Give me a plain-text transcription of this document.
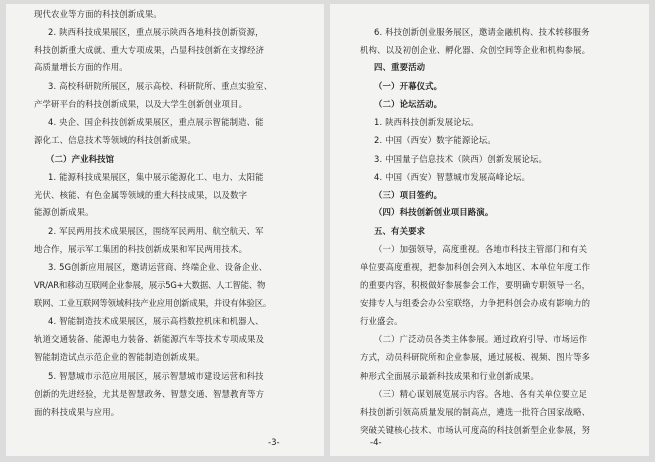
现代农业等方面的科技创新成果。
2. 陕西科技成果展区，重点展示陕西各地科技创新资源，
科技创新重大成就、重大专项成果，凸显科技创新在支撑经济
高质量增长方面的作用。
3. 高校科研院所展区，展示高校、科研院所、重点实验室、
产学研平台的科技创新成果，以及大学生创新创业项目。
4. 央企、国企科技创新成果展区，重点展示智能制造、能
源化工、信息技术等领域的科技创新成果。
（二）产业科技馆
1. 能源科技成果展区，集中展示能源化工、电力、太阳能
光伏、核能、有色金属等领域的重大科技成果，以及数字
能源创新成果。
2. 军民两用技术成果展区，围绕军民两用、航空航天、军
地合作，展示军工集团的科技创新成果和军民两用技术。
3. 5G创新应用展区，邀请运营商、终端企业、设备企业、
VR/AR和移动互联网企业参展，展示5G+大数据、人工智能、物
联网、工业互联网等领域科技产业应用创新成果，并设有体验区。
4. 智能制造技术成果展区，展示高档数控机床和机器人、
轨道交通装备、能源电力装备、新能源汽车等技术专项成果及
智能制造试点示范企业的智能制造创新成果。
5. 智慧城市示范应用展区，展示智慧城市建设运营和科技
创新的先进经验，尤其是智慧政务、智慧交通、智慧教育等方
面的科技成果与应用。
-3-
6. 科技创新创业服务展区，邀请金融机构、技术转移服务
机构、以及初创企业、孵化器、众创空间等企业和机构参展。
四、重要活动
（一）开幕仪式。
（二）论坛活动。
1. 陕西科技创新发展论坛。
2. 中国（西安）数字能源论坛。
3. 中国量子信息技术（陕西）创新发展论坛。
4. 中国（西安）智慧城市发展高峰论坛。
（三）项目签约。
（四）科技创新创业项目路演。
五、有关要求
（一）加强领导，高度重视。各地市科技主管部门和有关
单位要高度重视，把参加科创会列入本地区、本单位年度工作
的重要内容，积极做好参展参会工作，要明确专职领导一名，
安排专人与组委会办公室联络，力争把科创会办成有影响力的
行业盛会。
（二）广泛动员各类主体参展。通过政府引导、市场运作
方式，动员科研院所和企业参展，通过展板、视频、图片等多
种形式全面展示最新科技成果和行业创新成果。
（三）精心谋划展览展示内容。各地、各有关单位要立足
科技创新引领高质量发展的制高点，遴选一批符合国家战略、
突破关键核心技术、市场认可度高的科技创新型企业参展，努
-4-
